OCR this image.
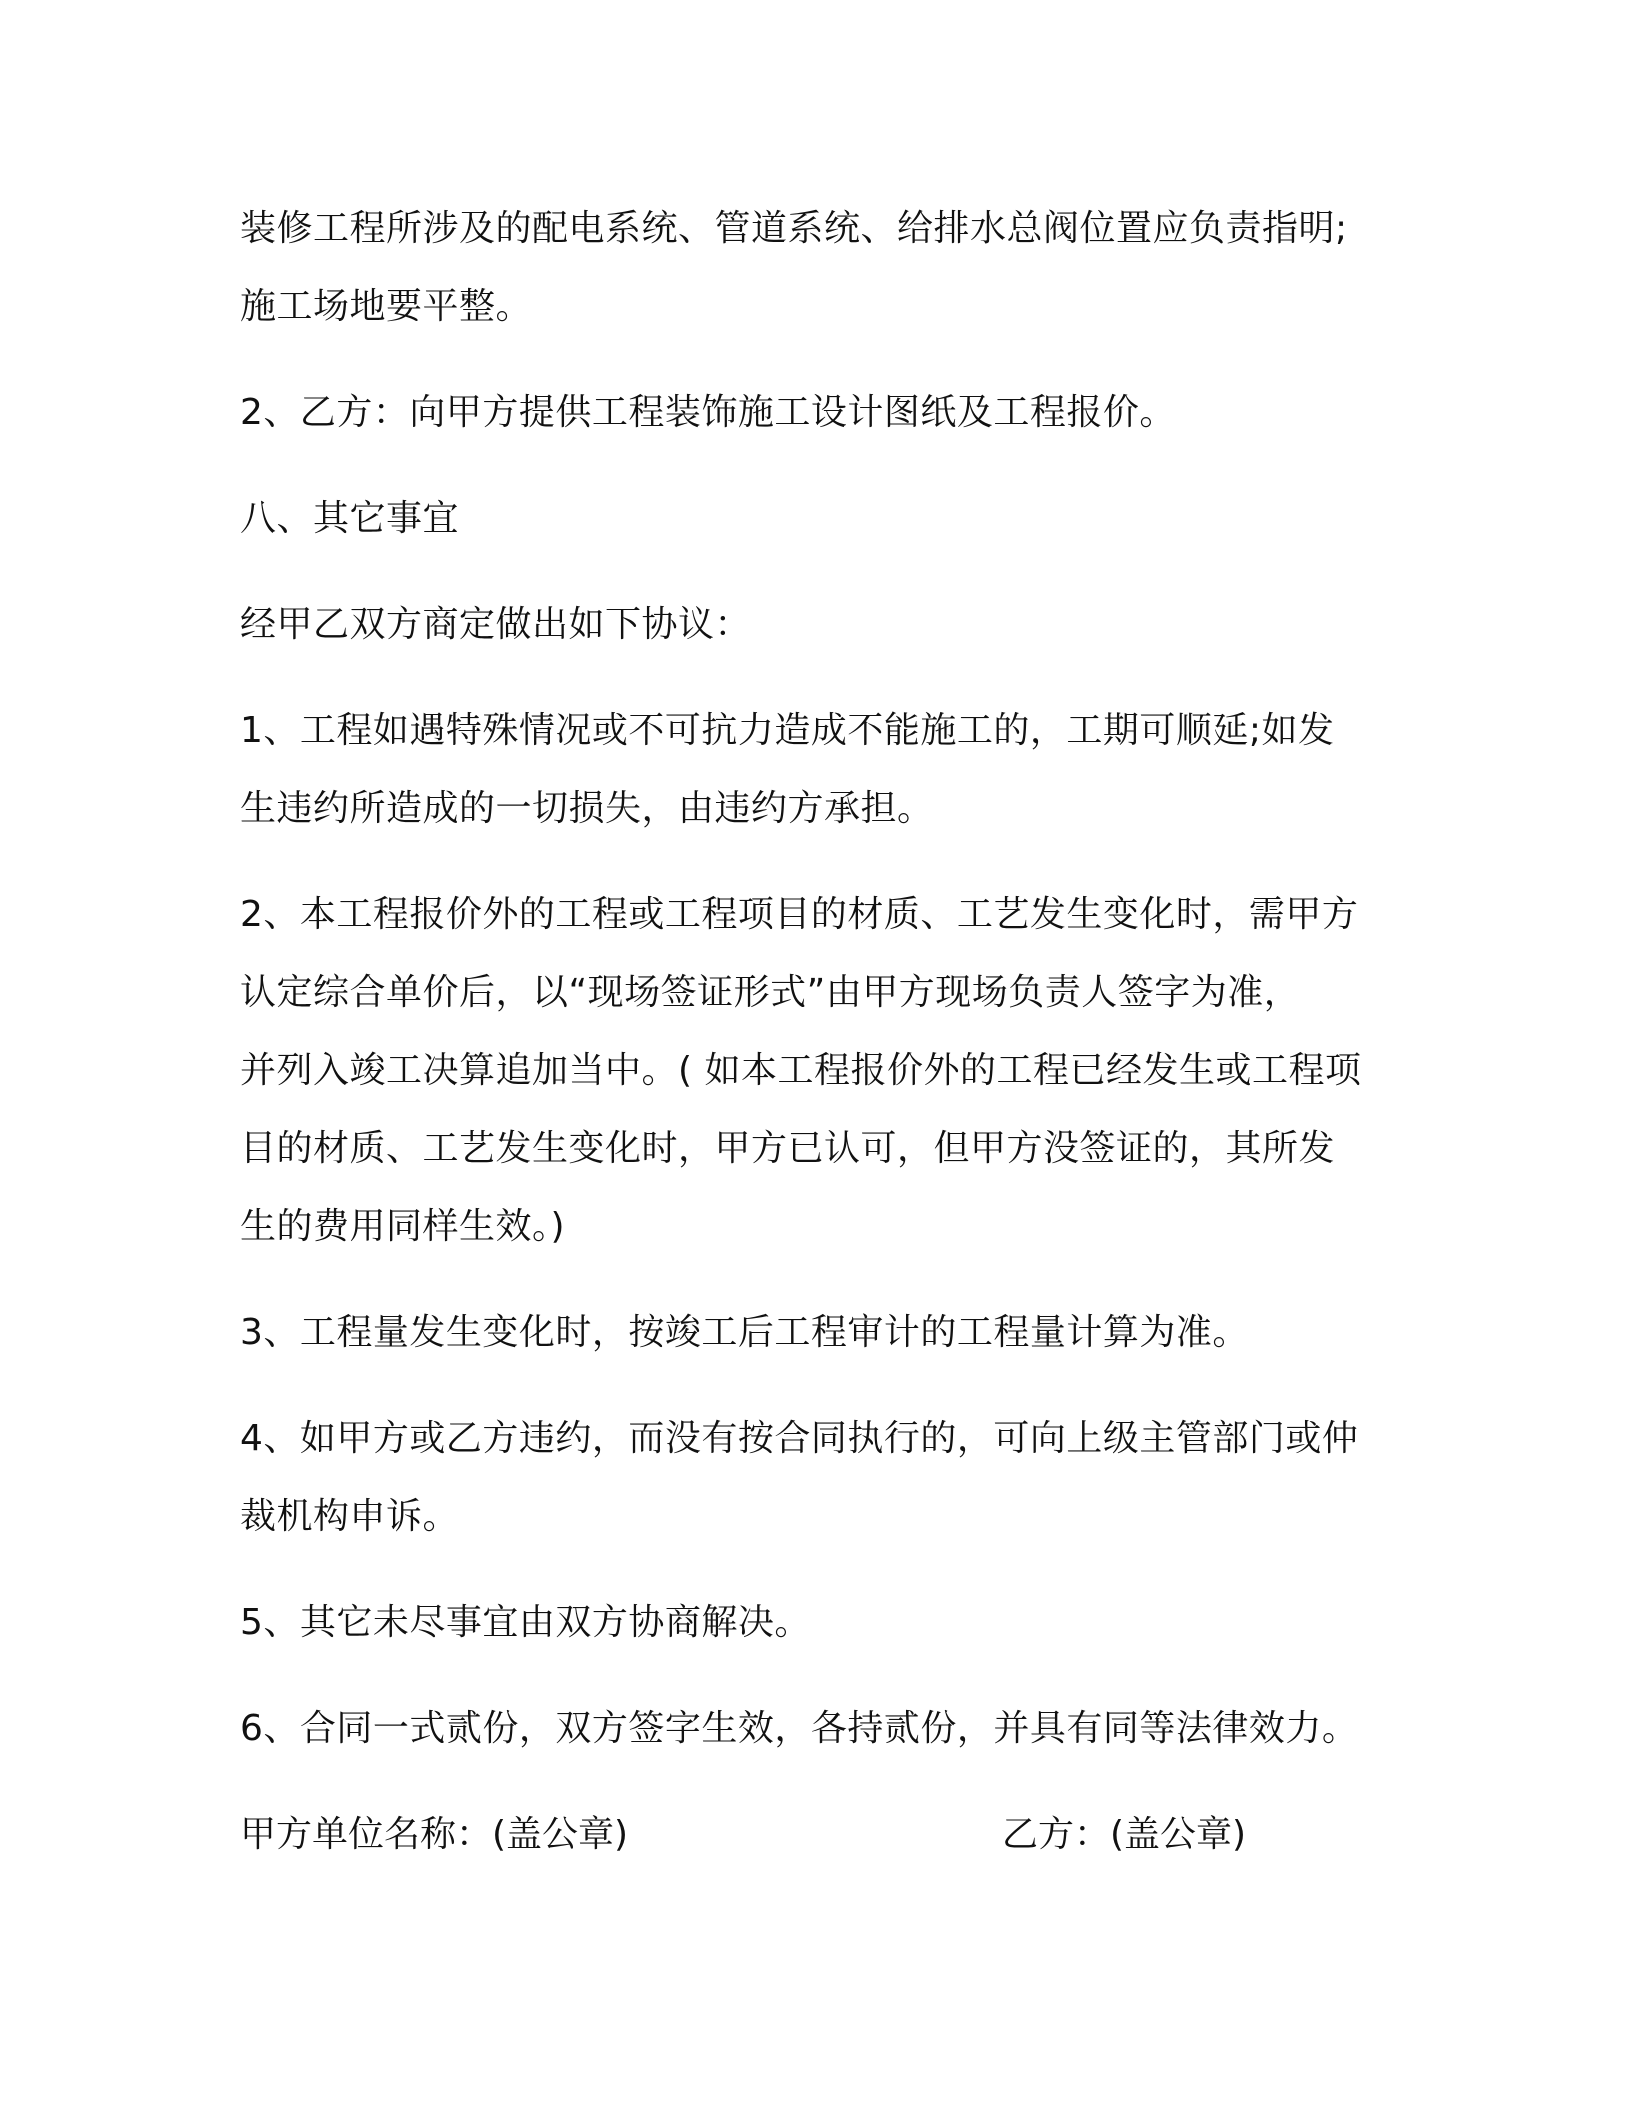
装修工程所涉及的配电系统、管道系统、给排水总阀位置应负责指明;
施工场地要平整。
2、乙方：向甲方提供工程装饰施工设计图纸及工程报价。
八、其它事宜
经甲乙双方商定做出如下协议：
1、工程如遇特殊情况或不可抗力造成不能施工的，工期可顺延;如发
生违约所造成的一切损失，由违约方承担。
2、本工程报价外的工程或工程项目的材质、工艺发生变化时，需甲方
认定综合单价后，以“现场签证形式”由甲方现场负责人签字为准，
并列入竣工决算追加当中。( 如本工程报价外的工程已经发生或工程项
目的材质、工艺发生变化时，甲方已认可，但甲方没签证的，其所发
生的费用同样生效。)
3、工程量发生变化时，按竣工后工程审计的工程量计算为准。
4、如甲方或乙方违约，而没有按合同执行的，可向上级主管部门或仲
裁机构申诉。
5、其它未尽事宜由双方协商解决。
6、合同一式贰份，双方签字生效，各持贰份，并具有同等法律效力。
甲方单位名称：(盖公章)	乙方：(盖公章)
